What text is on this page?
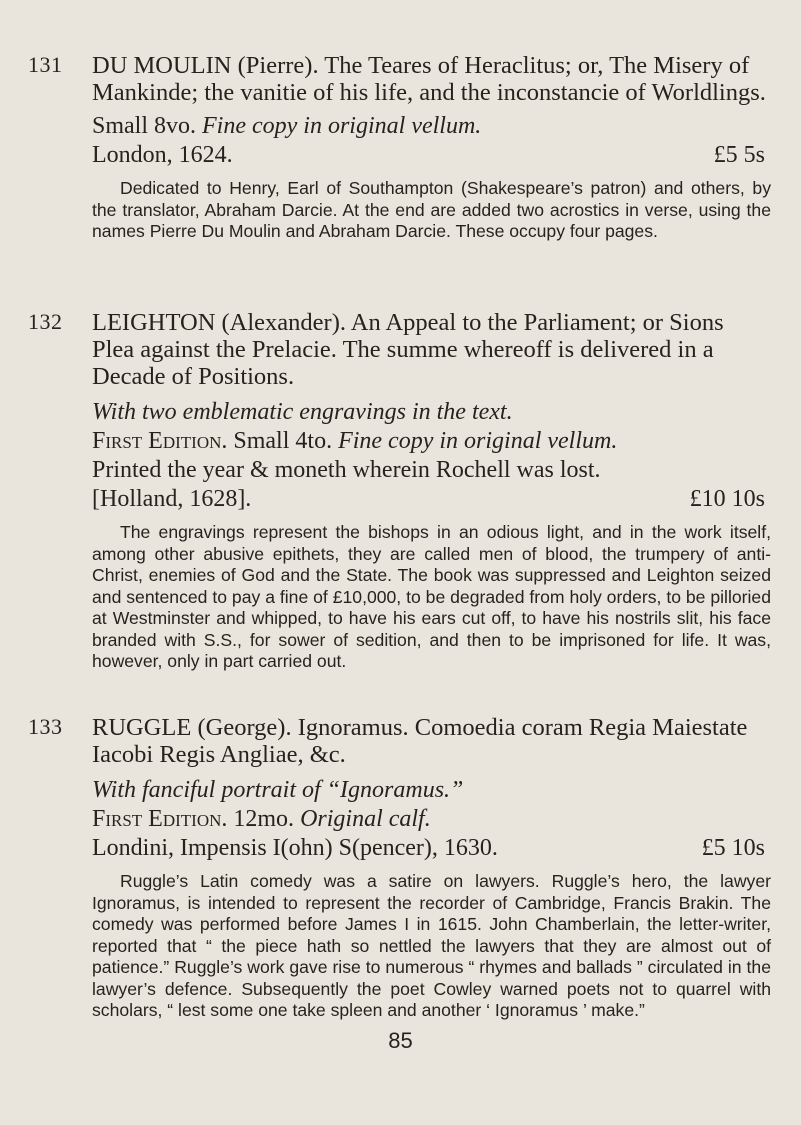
131 DU MOULIN (Pierre). The Teares of Heraclitus; or, The Misery of Mankinde; the vanitie of his life, and the inconstancie of Worldlings.

Small 8vo. Fine copy in original vellum.
London, 1624.	£5 5s

Dedicated to Henry, Earl of Southampton (Shakespeare’s patron) and others, by the translator, Abraham Darcie. At the end are added two acrostics in verse, using the names Pierre Du Moulin and Abraham Darcie. These occupy four pages.

132 LEIGHTON (Alexander). An Appeal to the Parliament; or Sions Plea against the Prelacie. The summe whereoff is delivered in a Decade of Positions.

With two emblematic engravings in the text.
First Edition. Small 4to. Fine copy in original vellum.
Printed the year & moneth wherein Rochell was lost. [Holland, 1628].	£10 10s

The engravings represent the bishops in an odious light, and in the work itself, among other abusive epithets, they are called men of blood, the trumpery of anti-Christ, enemies of God and the State. The book was suppressed and Leighton seized and sentenced to pay a fine of £10,000, to be degraded from holy orders, to be pilloried at Westminster and whipped, to have his ears cut off, to have his nostrils slit, his face branded with S.S., for sower of sedition, and then to be imprisoned for life. It was, however, only in part carried out.

133 RUGGLE (George). Ignoramus. Comoedia coram Regia Maiestate Iacobi Regis Angliae, &c.

With fanciful portrait of “Ignoramus.”
First Edition. 12mo. Original calf.
Londini, Impensis I(ohn) S(pencer), 1630.	£5 10s

Ruggle’s Latin comedy was a satire on lawyers. Ruggle’s hero, the lawyer Ignoramus, is intended to represent the recorder of Cambridge, Francis Brakin. The comedy was performed before James I in 1615. John Chamberlain, the letter-writer, reported that “ the piece hath so nettled the lawyers that they are almost out of patience.” Ruggle’s work gave rise to numerous “ rhymes and ballads ” circulated in the lawyer’s defence. Subsequently the poet Cowley warned poets not to quarrel with scholars, “ lest some one take spleen and another ‘ Ignoramus ’ make.”

85
